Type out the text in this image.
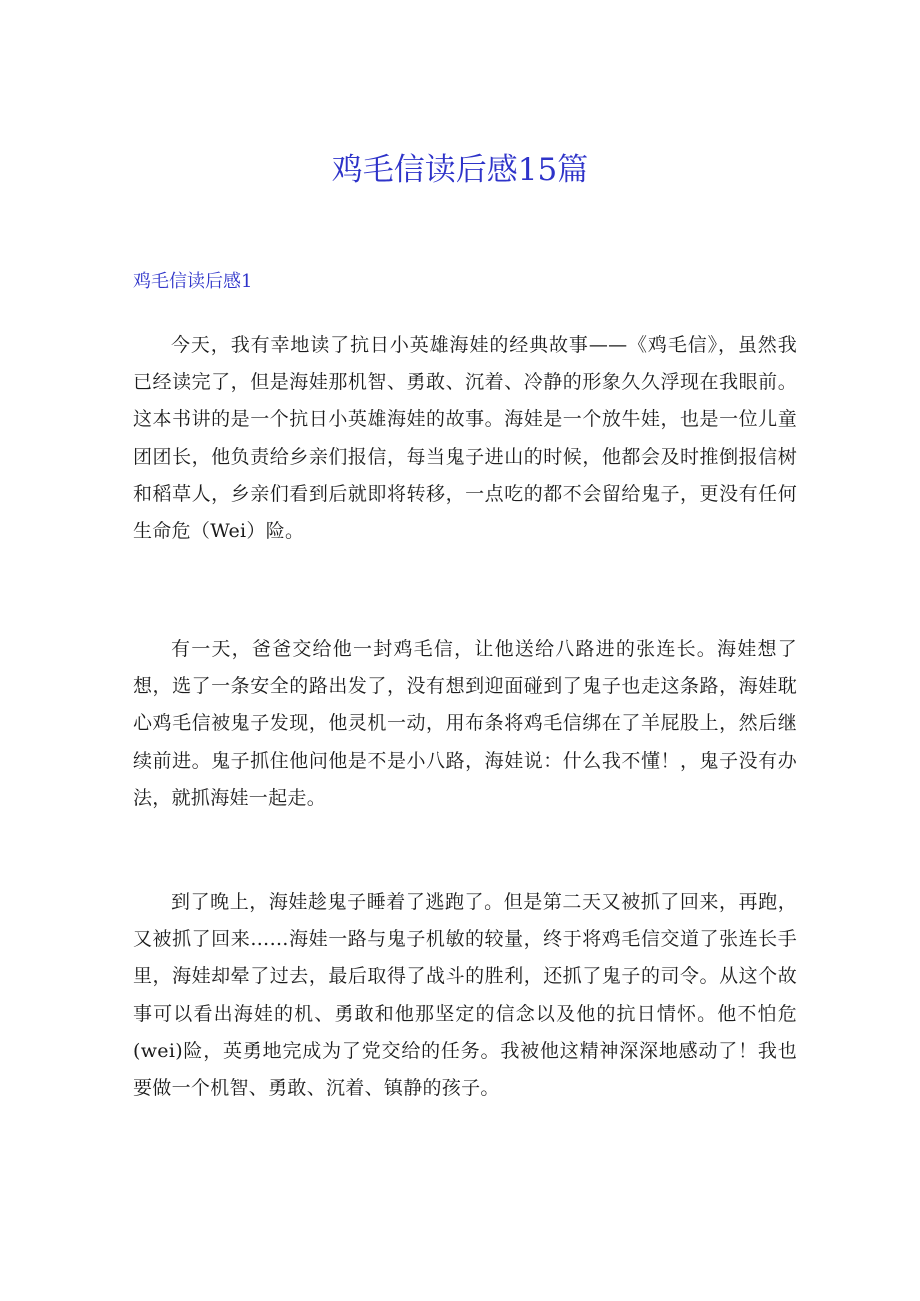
鸡毛信读后感15篇
鸡毛信读后感1

今天，我有幸地读了抗日小英雄海娃的经典故事——《鸡毛信》，虽然我已经读完了，但是海娃那机智、勇敢、沉着、冷静的形象久久浮现在我眼前。这本书讲的是一个抗日小英雄海娃的故事。海娃是一个放牛娃，也是一位儿童团团长，他负责给乡亲们报信，每当鬼子进山的时候，他都会及时推倒报信树和稻草人，乡亲们看到后就即将转移，一点吃的都不会留给鬼子，更没有任何生命危（Wei）险。

有一天，爸爸交给他一封鸡毛信，让他送给八路进的张连长。海娃想了想，选了一条安全的路出发了，没有想到迎面碰到了鬼子也走这条路，海娃耽心鸡毛信被鬼子发现，他灵机一动，用布条将鸡毛信绑在了羊屁股上，然后继续前进。鬼子抓住他问他是不是小八路，海娃说：什么我不懂！，鬼子没有办法，就抓海娃一起走。

到了晚上，海娃趁鬼子睡着了逃跑了。但是第二天又被抓了回来，再跑，又被抓了回来……海娃一路与鬼子机敏的较量，终于将鸡毛信交道了张连长手里，海娃却晕了过去，最后取得了战斗的胜利，还抓了鬼子的司令。从这个故事可以看出海娃的机、勇敢和他那坚定的信念以及他的抗日情怀。他不怕危(wei)险，英勇地完成为了党交给的任务。我被他这精神深深地感动了！我也要做一个机智、勇敢、沉着、镇静的孩子。
